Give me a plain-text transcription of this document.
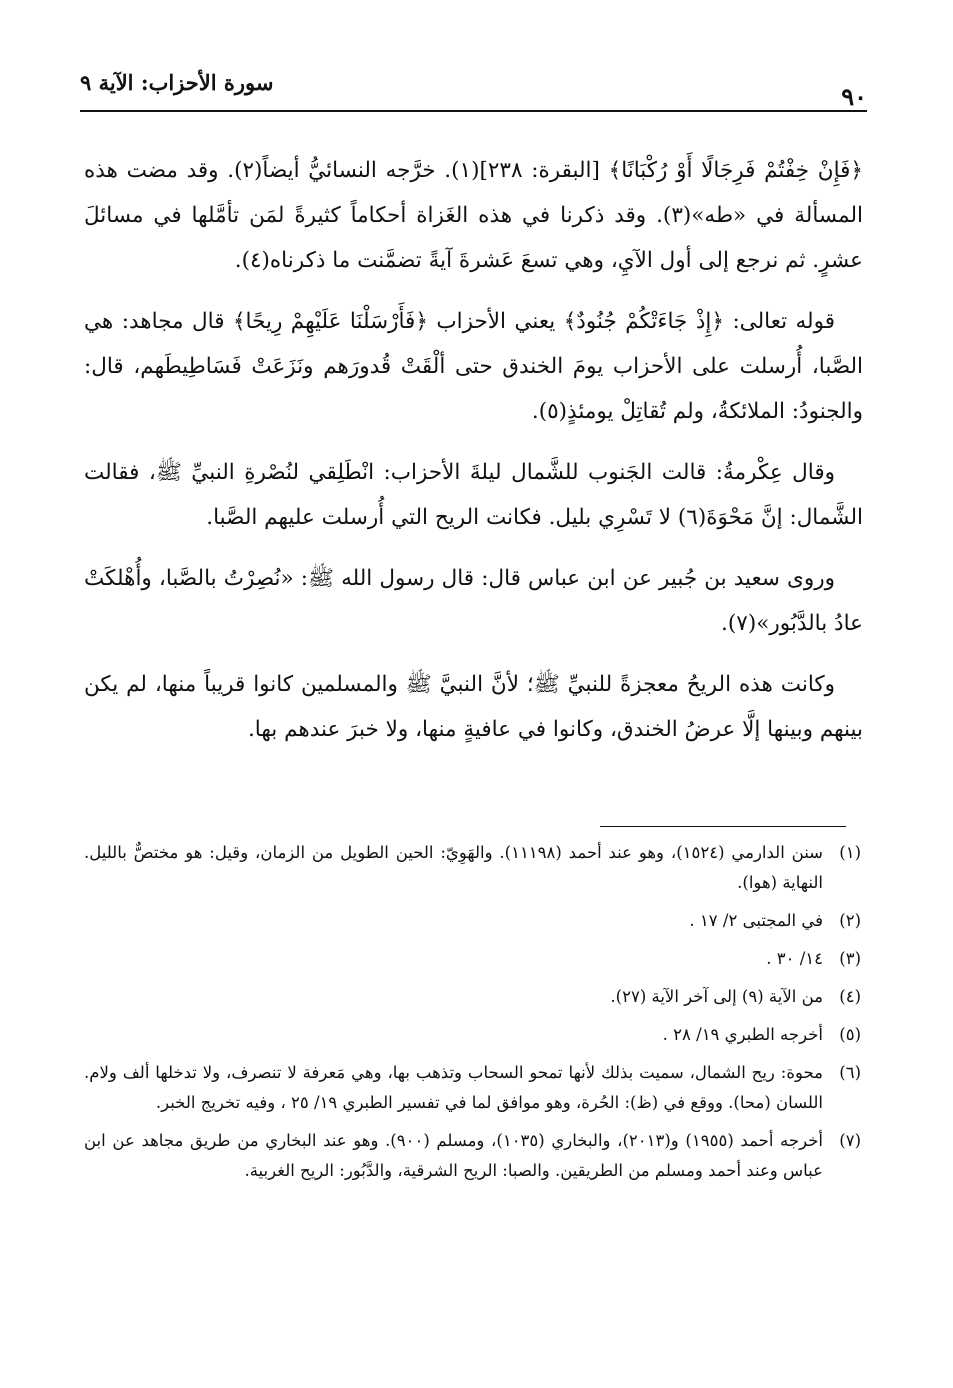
٩٠
سورة الأحزاب: الآية ٩

﴿فَإِنْ خِفْتُمْ فَرِجَالًا أَوْ رُكْبَانًا﴾ [البقرة: ٢٣٨](١). خرَّجه النسائيُّ أيضاً(٢). وقد مضت هذه المسألة في «طه»(٣). وقد ذكرنا في هذه الغَزاة أحكاماً كثيرةً لمَن تأمَّلها في مسائلَ عشرٍ. ثم نرجع إلى أول الآيِ، وهي تسعَ عَشرةَ آيةً تضمَّنت ما ذكرناه(٤).

قوله تعالى: ﴿إِذْ جَاءَتْكُمْ جُنُودٌ﴾ يعني الأحزاب ﴿فَأَرْسَلْنَا عَلَيْهِمْ رِيحًا﴾ قال مجاهد: هي الصَّبا، أُرسلت على الأحزاب يومَ الخندق حتى ألْقَتْ قُدورَهم ونَزَعَتْ فَسَاطِيطَهم، قال: والجنودُ: الملائكةُ، ولم تُقاتِلْ يومئذٍ(٥).

وقال عِكْرمةُ: قالت الجَنوب للشَّمال ليلةَ الأحزاب: انْطَلِقي لنُصْرةِ النبيِّ ﷺ، فقالت الشَّمال: إنَّ مَحْوَةَ(٦) لا تَسْرِي بليل. فكانت الريح التي أُرسلت عليهم الصَّبا.

وروى سعيد بن جُبير عن ابن عباس قال: قال رسول الله ﷺ: «نُصِرْتُ بالصَّبا، وأُهْلكَتْ عادُ بالدَّبُور»(٧).

وكانت هذه الريحُ معجزةً للنبيِّ ﷺ؛ لأنَّ النبيَّ ﷺ والمسلمين كانوا قريباً منها، لم يكن بينهم وبينها إلَّا عرضُ الخندق، وكانوا في عافيةٍ منها، ولا خبرَ عندهم بها.

(١)
سنن الدارمي (١٥٢٤)، وهو عند أحمد (١١١٩٨). والهَوِيّ: الحين الطويل من الزمان، وقيل: هو مختصٌّ بالليل. النهاية (هوا).
(٢)
في المجتبى ٢/ ١٧ .
(٣)
١٤/ ٣٠ .
(٤)
من الآية (٩) إلى آخر الآية (٢٧).
(٥)
أخرجه الطبري ١٩/ ٢٨ .
(٦)
محوة: ريح الشمال، سميت بذلك لأنها تمحو السحاب وتذهب بها، وهي مَعرفة لا تنصرف، ولا تدخلها ألف ولام. اللسان (محا). ووقع في (ظ): الحُرة، وهو موافق لما في تفسير الطبري ١٩/ ٢٥ ، وفيه تخريج الخبر.
(٧)
أخرجه أحمد (١٩٥٥) و(٢٠١٣)، والبخاري (١٠٣٥)، ومسلم (٩٠٠). وهو عند البخاري من طريق مجاهد عن ابن عباس وعند أحمد ومسلم من الطريقين. والصبا: الريح الشرقية، والدَّبُور: الريح الغربية.
